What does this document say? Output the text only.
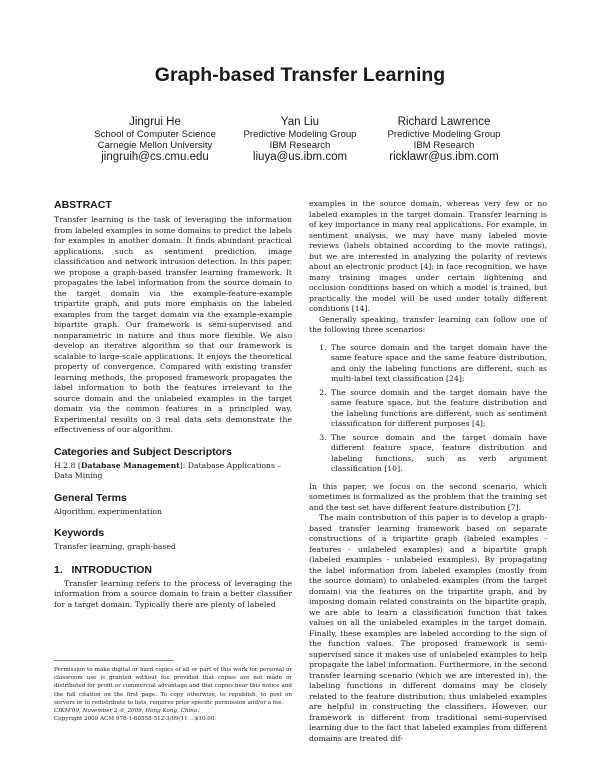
Graph-based Transfer Learning
Jingrui He
School of Computer Science
Carnegie Mellon University
jingruih@cs.cmu.edu
Yan Liu
Predictive Modeling Group
IBM Research
liuya@us.ibm.com
Richard Lawrence
Predictive Modeling Group
IBM Research
ricklawr@us.ibm.com
ABSTRACT

Transfer learning is the task of leveraging the information from labeled examples in some domains to predict the labels for examples in another domain. It finds abundant practical applications, such as sentiment prediction, image classification and network intrusion detection. In this paper, we propose a graph-based transfer learning framework. It propagates the label information from the source domain to the target domain via the example-feature-example tripartite graph, and puts more emphasis on the labeled examples from the target domain via the example-example bipartite graph. Our framework is semi-supervised and nonparametric in nature and thus more flexible. We also develop an iterative algorithm so that our framework is scalable to large-scale applications. It enjoys the theoretical property of convergence. Compared with existing transfer learning methods, the proposed framework propagates the label information to both the features irrelevant to the source domain and the unlabeled examples in the target domain via the common features in a principled way. Experimental results on 3 real data sets demonstrate the effectiveness of our algorithm.

Categories and Subject Descriptors

H.2.8 [Database Management]: Database Applications – Data Mining

General Terms

Algorithm, experimentation

Keywords

Transfer learning, graph-based

1.   INTRODUCTION

Transfer learning refers to the process of leveraging the information from a source domain to train a better classifier for a target domain. Typically there are plenty of labeled

Permission to make digital or hard copies of all or part of this work for personal or classroom use is granted without fee provided that copies are not made or distributed for profit or commercial advantage and that copies bear this notice and the full citation on the first page. To copy otherwise, to republish, to post on servers or to redistribute to lists, requires prior specific permission and/or a fee.

CIKM'09, November 2–6, 2009, Hong Kong, China.

Copyright 2009 ACM 978-1-60558-512-3/09/11 ...$10.00.

examples in the source domain, whereas very few or no labeled examples in the target domain. Transfer learning is of key importance in many real applications. For example, in sentiment analysis, we may have many labeled movie reviews (labels obtained according to the movie ratings), but we are interested in analyzing the polarity of reviews about an electronic product [4]; in face recognition, we have many training images under certain lightening and occlusion conditions based on which a model is trained, but practically the model will be used under totally different conditions [14].

Generally speaking, transfer learning can follow one of the following three scenarios:

1. The source domain and the target domain have the same feature space and the same feature distribution, and only the labeling functions are different, such as multi-label text classification [24];
2. The source domain and the target domain have the same feature space, but the feature distribution and the labeling functions are different, such as sentiment classification for different purposes [4];
3. The source domain and the target domain have different feature space, feature distribution and labeling functions, such as verb argument classification [10].

In this paper, we focus on the second scenario, which sometimes is formalized as the problem that the training set and the test set have different feature distribution [7].

The main contribution of this paper is to develop a graph-based transfer learning framework based on separate constructions of a tripartite graph (labeled examples - features - unlabeled examples) and a bipartite graph (labeled examples - unlabeled examples). By propagating the label information from labeled examples (mostly from the source domain) to unlabeled examples (from the target domain) via the features on the tripartite graph, and by imposing domain related constraints on the bipartite graph, we are able to learn a classification function that takes values on all the unlabeled examples in the target domain. Finally, these examples are labeled according to the sign of the function values. The proposed framework is semi-supervised since it makes use of unlabeled examples to help propagate the label information. Furthermore, in the second transfer learning scenario (which we are interested in), the labeling functions in different domains may be closely related to the feature distribution; thus unlabeled examples are helpful in constructing the classifiers. However, our framework is different from traditional semi-supervised learning due to the fact that labeled examples from different domains are treated dif-
